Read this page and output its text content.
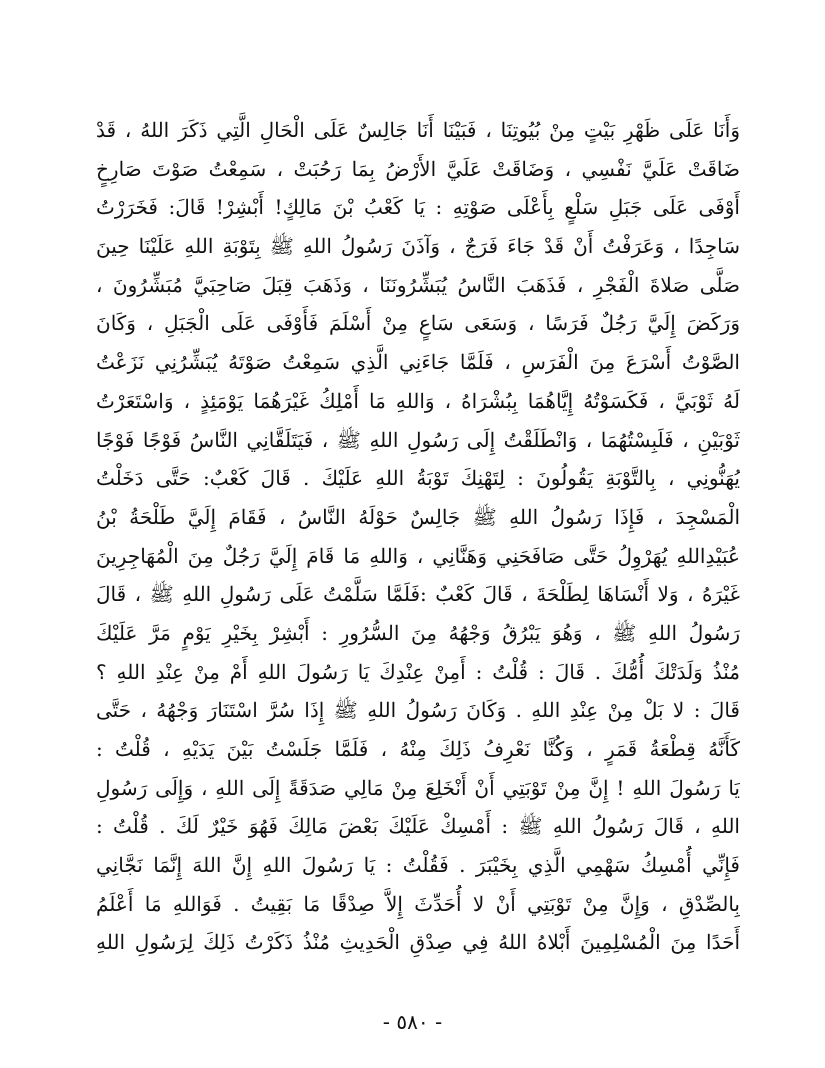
وَأَنَا عَلَى ظَهْرِ بَيْتٍ مِنْ بُيُوتِنَا ، فَبَيْنَا أَنَا جَالِسٌ عَلَى الْحَالِ الَّتِي ذَكَرَ اللهُ ، قَدْ
ضَاقَتْ عَلَيَّ نَفْسِي ، وَضَاقَتْ عَلَيَّ الأَرْضُ بِمَا رَحُبَتْ ، سَمِعْتُ صَوْتَ صَارِخٍ
أَوْفَى عَلَى جَبَلِ سَلْعٍ بِأَعْلَى صَوْتِهِ : يَا كَعْبُ بْنَ مَالِكٍ! أَبْشِرْ! قَالَ: فَخَرَرْتُ
سَاجِدًا ، وَعَرَفْتُ أَنْ قَدْ جَاءَ فَرَجٌ ، وَآذَنَ رَسُولُ اللهِ ﷺ بِتَوْبَةِ اللهِ عَلَيْنَا حِينَ
صَلَّى صَلاةَ الْفَجْرِ ، فَذَهَبَ النَّاسُ يُبَشِّرُونَنَا ، وَذَهَبَ قِبَلَ صَاحِبَيَّ مُبَشِّرُونَ ،
وَرَكَضَ إِلَيَّ رَجُلٌ فَرَسًا ، وَسَعَى سَاعٍ مِنْ أَسْلَمَ فَأَوْفَى عَلَى الْجَبَلِ ، وَكَانَ
الصَّوْتُ أَسْرَعَ مِنَ الْفَرَسِ ، فَلَمَّا جَاءَنِي الَّذِي سَمِعْتُ صَوْتَهُ يُبَشِّرُنِي نَزَعْتُ
لَهُ ثَوْبَيَّ ، فَكَسَوْتُهُ إِيَّاهُمَا بِبُشْرَاهُ ، وَاللهِ مَا أَمْلِكُ غَيْرَهُمَا يَوْمَئِذٍ ، وَاسْتَعَرْتُ
ثَوْبَيْنِ ، فَلَبِسْتُهُمَا ، وَانْطَلَقْتُ إِلَى رَسُولِ اللهِ ﷺ ، فَيَتَلَقَّانِي النَّاسُ فَوْجًا فَوْجًا
يُهَنُّونِي ، بِالتَّوْبَةِ يَقُولُونَ : لِتَهْنِكَ تَوْبَةُ اللهِ عَلَيْكَ . قَالَ كَعْبٌ: حَتَّى دَخَلْتُ
الْمَسْجِدَ ، فَإِذَا رَسُولُ اللهِ ﷺ جَالِسٌ حَوْلَهُ النَّاسُ ، فَقَامَ إِلَيَّ طَلْحَةُ بْنُ
عُبَيْدِاللهِ يُهَرْوِلُ حَتَّى صَافَحَنِي وَهَنَّانِي ، وَاللهِ مَا قَامَ إِلَيَّ رَجُلٌ مِنَ الْمُهَاجِرِينَ
غَيْرَهُ ، وَلا أَنْسَاهَا لِطَلْحَةَ ، قَالَ كَعْبٌ :فَلَمَّا سَلَّمْتُ عَلَى رَسُولِ اللهِ ﷺ ، قَالَ
رَسُولُ اللهِ ﷺ ، وَهُوَ يَبْرُقُ وَجْهُهُ مِنَ السُّرُورِ : أَبْشِرْ بِخَيْرِ يَوْمٍ مَرَّ عَلَيْكَ
مُنْذُ وَلَدَتْكَ أُمُّكَ . قَالَ : قُلْتُ : أَمِنْ عِنْدِكَ يَا رَسُولَ اللهِ أَمْ مِنْ عِنْدِ اللهِ ؟
قَالَ : لا بَلْ مِنْ عِنْدِ اللهِ . وَكَانَ رَسُولُ اللهِ ﷺ إِذَا سُرَّ اسْتَنَارَ وَجْهُهُ ، حَتَّى
كَأَنَّهُ قِطْعَةُ قَمَرٍ ، وَكُنَّا نَعْرِفُ ذَلِكَ مِنْهُ ، فَلَمَّا جَلَسْتُ بَيْنَ يَدَيْهِ ، قُلْتُ :
يَا رَسُولَ اللهِ ! إِنَّ مِنْ تَوْبَتِي أَنْ أَنْخَلِعَ مِنْ مَالِي صَدَقَةً إِلَى اللهِ ، وَإِلَى رَسُولِ
اللهِ ، قَالَ رَسُولُ اللهِ ﷺ : أَمْسِكْ عَلَيْكَ بَعْضَ مَالِكَ فَهُوَ خَيْرٌ لَكَ . قُلْتُ :
فَإِنِّي أُمْسِكُ سَهْمِي الَّذِي بِخَيْبَرَ . فَقُلْتُ : يَا رَسُولَ اللهِ إِنَّ اللهَ إِنَّمَا نَجَّانِي
بِالصِّدْقِ ، وَإِنَّ مِنْ تَوْبَتِي أَنْ لا أُحَدِّثَ إِلاَّ صِدْقًا مَا بَقِيتُ . فَوَاللهِ مَا أَعْلَمُ
أَحَدًا مِنَ الْمُسْلِمِينَ أَبْلاهُ اللهُ فِي صِدْقِ الْحَدِيثِ مُنْذُ ذَكَرْتُ ذَلِكَ لِرَسُولِ اللهِ
- ٥٨٠ -
